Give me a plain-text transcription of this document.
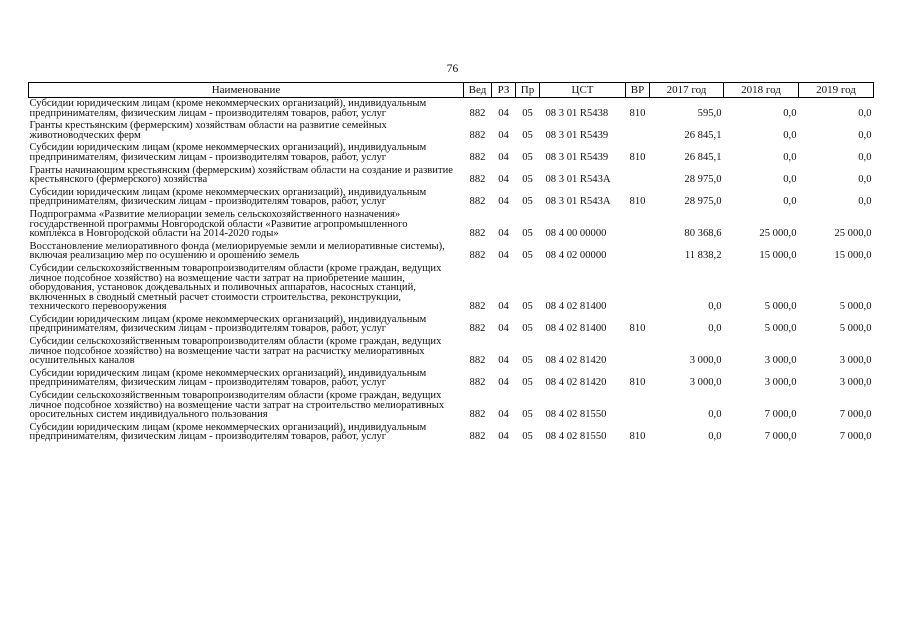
76
Наименование	Вед	РЗ	Пр	ЦСТ	ВР	2017 год	2018 год	2019 год
Субсидии юридическим лицам (кроме некоммерческих организаций), индивидуальным предпринимателям, физическим лицам - производителям товаров, работ, услуг	882	04	05	08 3 01 R5438	810	595,0	0,0	0,0
Гранты крестьянским (фермерским) хозяйствам области на развитие семейных животноводческих ферм	882	04	05	08 3 01 R5439		26 845,1	0,0	0,0
Субсидии юридическим лицам (кроме некоммерческих организаций), индивидуальным предпринимателям, физическим лицам - производителям товаров, работ, услуг	882	04	05	08 3 01 R5439	810	26 845,1	0,0	0,0
Гранты начинающим крестьянским (фермерским) хозяйствам области на создание и развитие крестьянского (фермерского) хозяйства	882	04	05	08 3 01 R543A		28 975,0	0,0	0,0
Субсидии юридическим лицам (кроме некоммерческих организаций), индивидуальным предпринимателям, физическим лицам - производителям товаров, работ, услуг	882	04	05	08 3 01 R543A	810	28 975,0	0,0	0,0
Подпрограмма «Развитие мелиорации земель сельскохозяйственного назначения» государственной программы Новгородской области «Развитие агропромышленного комплекса в Новгородской области на 2014-2020 годы»	882	04	05	08 4 00 00000		80 368,6	25 000,0	25 000,0
Восстановление мелиоративного фонда (мелиорируемые земли и мелиоративные системы), включая реализацию мер по осушению и орошению земель	882	04	05	08 4 02 00000		11 838,2	15 000,0	15 000,0
Субсидии сельскохозяйственным товаропроизводителям области (кроме граждан, ведущих личное подсобное хозяйство) на возмещение части затрат на приобретение машин, оборудования, установок дождевальных и поливочных аппаратов, насосных станций, включенных в сводный сметный расчет стоимости строительства, реконструкции, технического перевооружения	882	04	05	08 4 02 81400		0,0	5 000,0	5 000,0
Субсидии юридическим лицам (кроме некоммерческих организаций), индивидуальным предпринимателям, физическим лицам - производителям товаров, работ, услуг	882	04	05	08 4 02 81400	810	0,0	5 000,0	5 000,0
Субсидии сельскохозяйственным товаропроизводителям области (кроме граждан, ведущих личное подсобное хозяйство) на возмещение части затрат на расчистку мелиоративных осушительных каналов	882	04	05	08 4 02 81420		3 000,0	3 000,0	3 000,0
Субсидии юридическим лицам (кроме некоммерческих организаций), индивидуальным предпринимателям, физическим лицам - производителям товаров, работ, услуг	882	04	05	08 4 02 81420	810	3 000,0	3 000,0	3 000,0
Субсидии сельскохозяйственным товаропроизводителям области (кроме граждан, ведущих личное подсобное хозяйство) на возмещение части затрат на строительство мелиоративных оросительных систем индивидуального пользования	882	04	05	08 4 02 81550		0,0	7 000,0	7 000,0
Субсидии юридическим лицам (кроме некоммерческих организаций), индивидуальным предпринимателям, физическим лицам - производителям товаров, работ, услуг	882	04	05	08 4 02 81550	810	0,0	7 000,0	7 000,0
